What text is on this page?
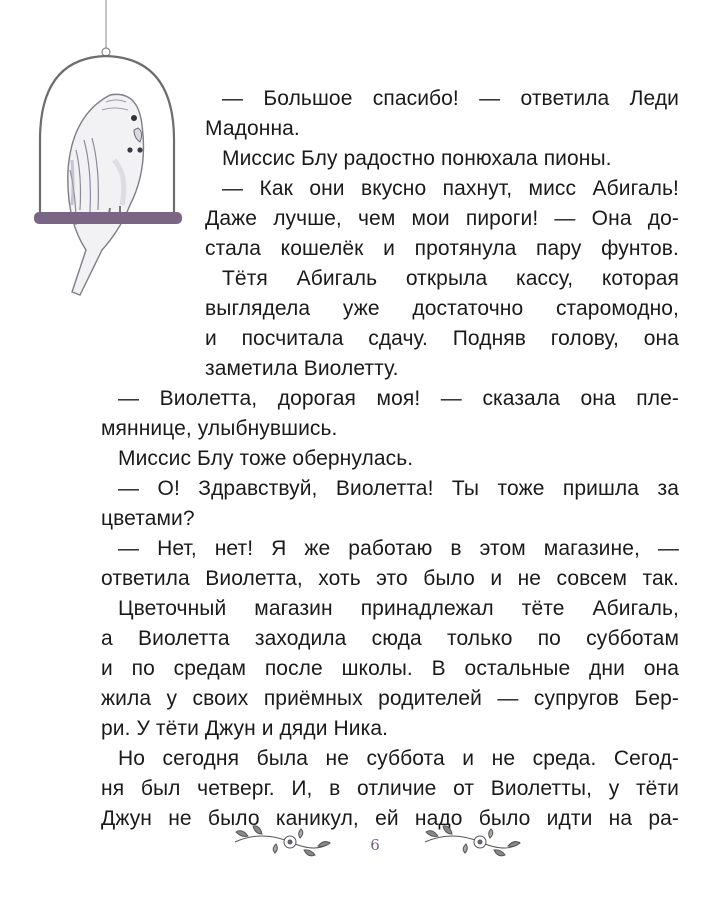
— Большое спасибо! — ответила Леди
Мадонна.
Миссис Блу радостно понюхала пионы.
— Как они вкусно пахнут, мисс Абигаль!
Даже лучше, чем мои пироги! — Она до-
стала кошелёк и протянула пару фунтов.
Тётя Абигаль открыла кассу, которая
выглядела уже достаточно старомодно,
и посчитала сдачу. Подняв голову, она
заметила Виолетту.
— Виолетта, дорогая моя! — сказала она пле-
мяннице, улыбнувшись.
Миссис Блу тоже обернулась.
— О! Здравствуй, Виолетта! Ты тоже пришла за
цветами?
— Нет, нет! Я же работаю в этом магазине, —
ответила Виолетта, хоть это было и не совсем так.
Цветочный магазин принадлежал тёте Абигаль,
а Виолетта заходила сюда только по субботам
и по средам после школы. В остальные дни она
жила у своих приёмных родителей — супругов Бер-
ри. У тёти Джун и дяди Ника.
Но сегодня была не суббота и не среда. Сегод-
ня был четверг. И, в отличие от Виолетты, у тёти
Джун не было каникул, ей надо было идти на ра-
6
